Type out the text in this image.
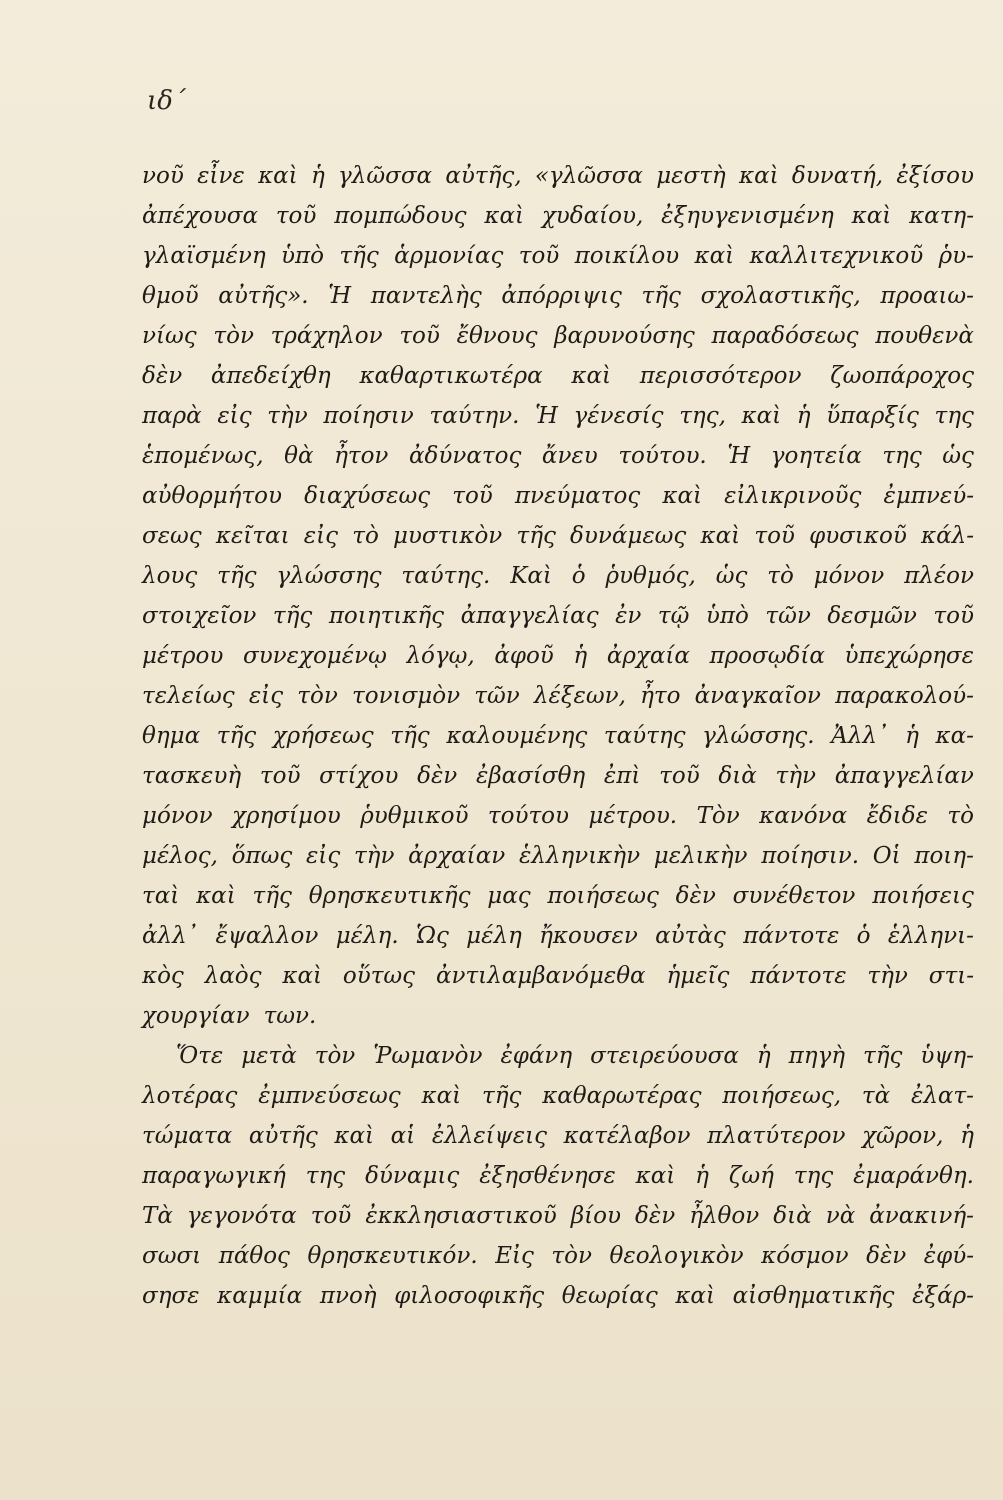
ιδ΄
νοῦ εἶνε καὶ ἡ γλῶσσα αὐτῆς, «γλῶσσα μεστὴ καὶ δυνατή, ἐξίσου
ἀπέχουσα τοῦ πομπώδους καὶ χυδαίου, ἐξηυγενισμένη καὶ κατη-
γλαϊσμένη ὑπὸ τῆς ἁρμονίας τοῦ ποικίλου καὶ καλλιτεχνικοῦ ῥυ-
θμοῦ αὐτῆς». Ἡ παντελὴς ἀπόρριψις τῆς σχολαστικῆς, προαιω-
νίως τὸν τράχηλον τοῦ ἔθνους βαρυνούσης παραδόσεως πουθενὰ
δὲν ἀπεδείχθη καθαρτικωτέρα καὶ περισσότερον ζωοπάροχος
παρὰ εἰς τὴν ποίησιν ταύτην. Ἡ γένεσίς της, καὶ ἡ ὕπαρξίς της
ἑπομένως, θὰ ἦτον ἀδύνατος ἄνευ τούτου. Ἡ γοητεία της ὡς
αὐθορμήτου διαχύσεως τοῦ πνεύματος καὶ εἰλικρινοῦς ἐμπνεύ-
σεως κεῖται εἰς τὸ μυστικὸν τῆς δυνάμεως καὶ τοῦ φυσικοῦ κάλ-
λους τῆς γλώσσης ταύτης. Καὶ ὁ ῥυθμός, ὡς τὸ μόνον πλέον
στοιχεῖον τῆς ποιητικῆς ἀπαγγελίας ἐν τῷ ὑπὸ τῶν δεσμῶν τοῦ
μέτρου συνεχομένῳ λόγῳ, ἀφοῦ ἡ ἀρχαία προσῳδία ὑπεχώρησε
τελείως εἰς τὸν τονισμὸν τῶν λέξεων, ἦτο ἀναγκαῖον παρακολού-
θημα τῆς χρήσεως τῆς καλουμένης ταύτης γλώσσης. Ἀλλ᾽ ἡ κα-
τασκευὴ τοῦ στίχου δὲν ἐβασίσθη ἐπὶ τοῦ διὰ τὴν ἀπαγγελίαν
μόνον χρησίμου ῥυθμικοῦ τούτου μέτρου. Τὸν κανόνα ἔδιδε τὸ
μέλος, ὅπως εἰς τὴν ἀρχαίαν ἑλληνικὴν μελικὴν ποίησιν. Οἱ ποιη-
ταὶ καὶ τῆς θρησκευτικῆς μας ποιήσεως δὲν συνέθετον ποιήσεις
ἀλλ᾽ ἔψαλλον μέλη. Ὡς μέλη ἤκουσεν αὐτὰς πάντοτε ὁ ἑλληνι-
κὸς λαὸς καὶ οὕτως ἀντιλαμβανόμεθα ἡμεῖς πάντοτε τὴν στι-
χουργίαν των.
Ὅτε μετὰ τὸν Ῥωμανὸν ἐφάνη στειρεύουσα ἡ πηγὴ τῆς ὑψη-
λοτέρας ἐμπνεύσεως καὶ τῆς καθαρωτέρας ποιήσεως, τὰ ἐλατ-
τώματα αὐτῆς καὶ αἱ ἐλλείψεις κατέλαβον πλατύτερον χῶρον, ἡ
παραγωγική της δύναμις ἐξησθένησε καὶ ἡ ζωή της ἐμαράνθη.
Τὰ γεγονότα τοῦ ἐκκλησιαστικοῦ βίου δὲν ἦλθον διὰ νὰ ἀνακινή-
σωσι πάθος θρησκευτικόν. Εἰς τὸν θεολογικὸν κόσμον δὲν ἐφύ-
σησε καμμία πνοὴ φιλοσοφικῆς θεωρίας καὶ αἰσθηματικῆς ἐξάρ-
